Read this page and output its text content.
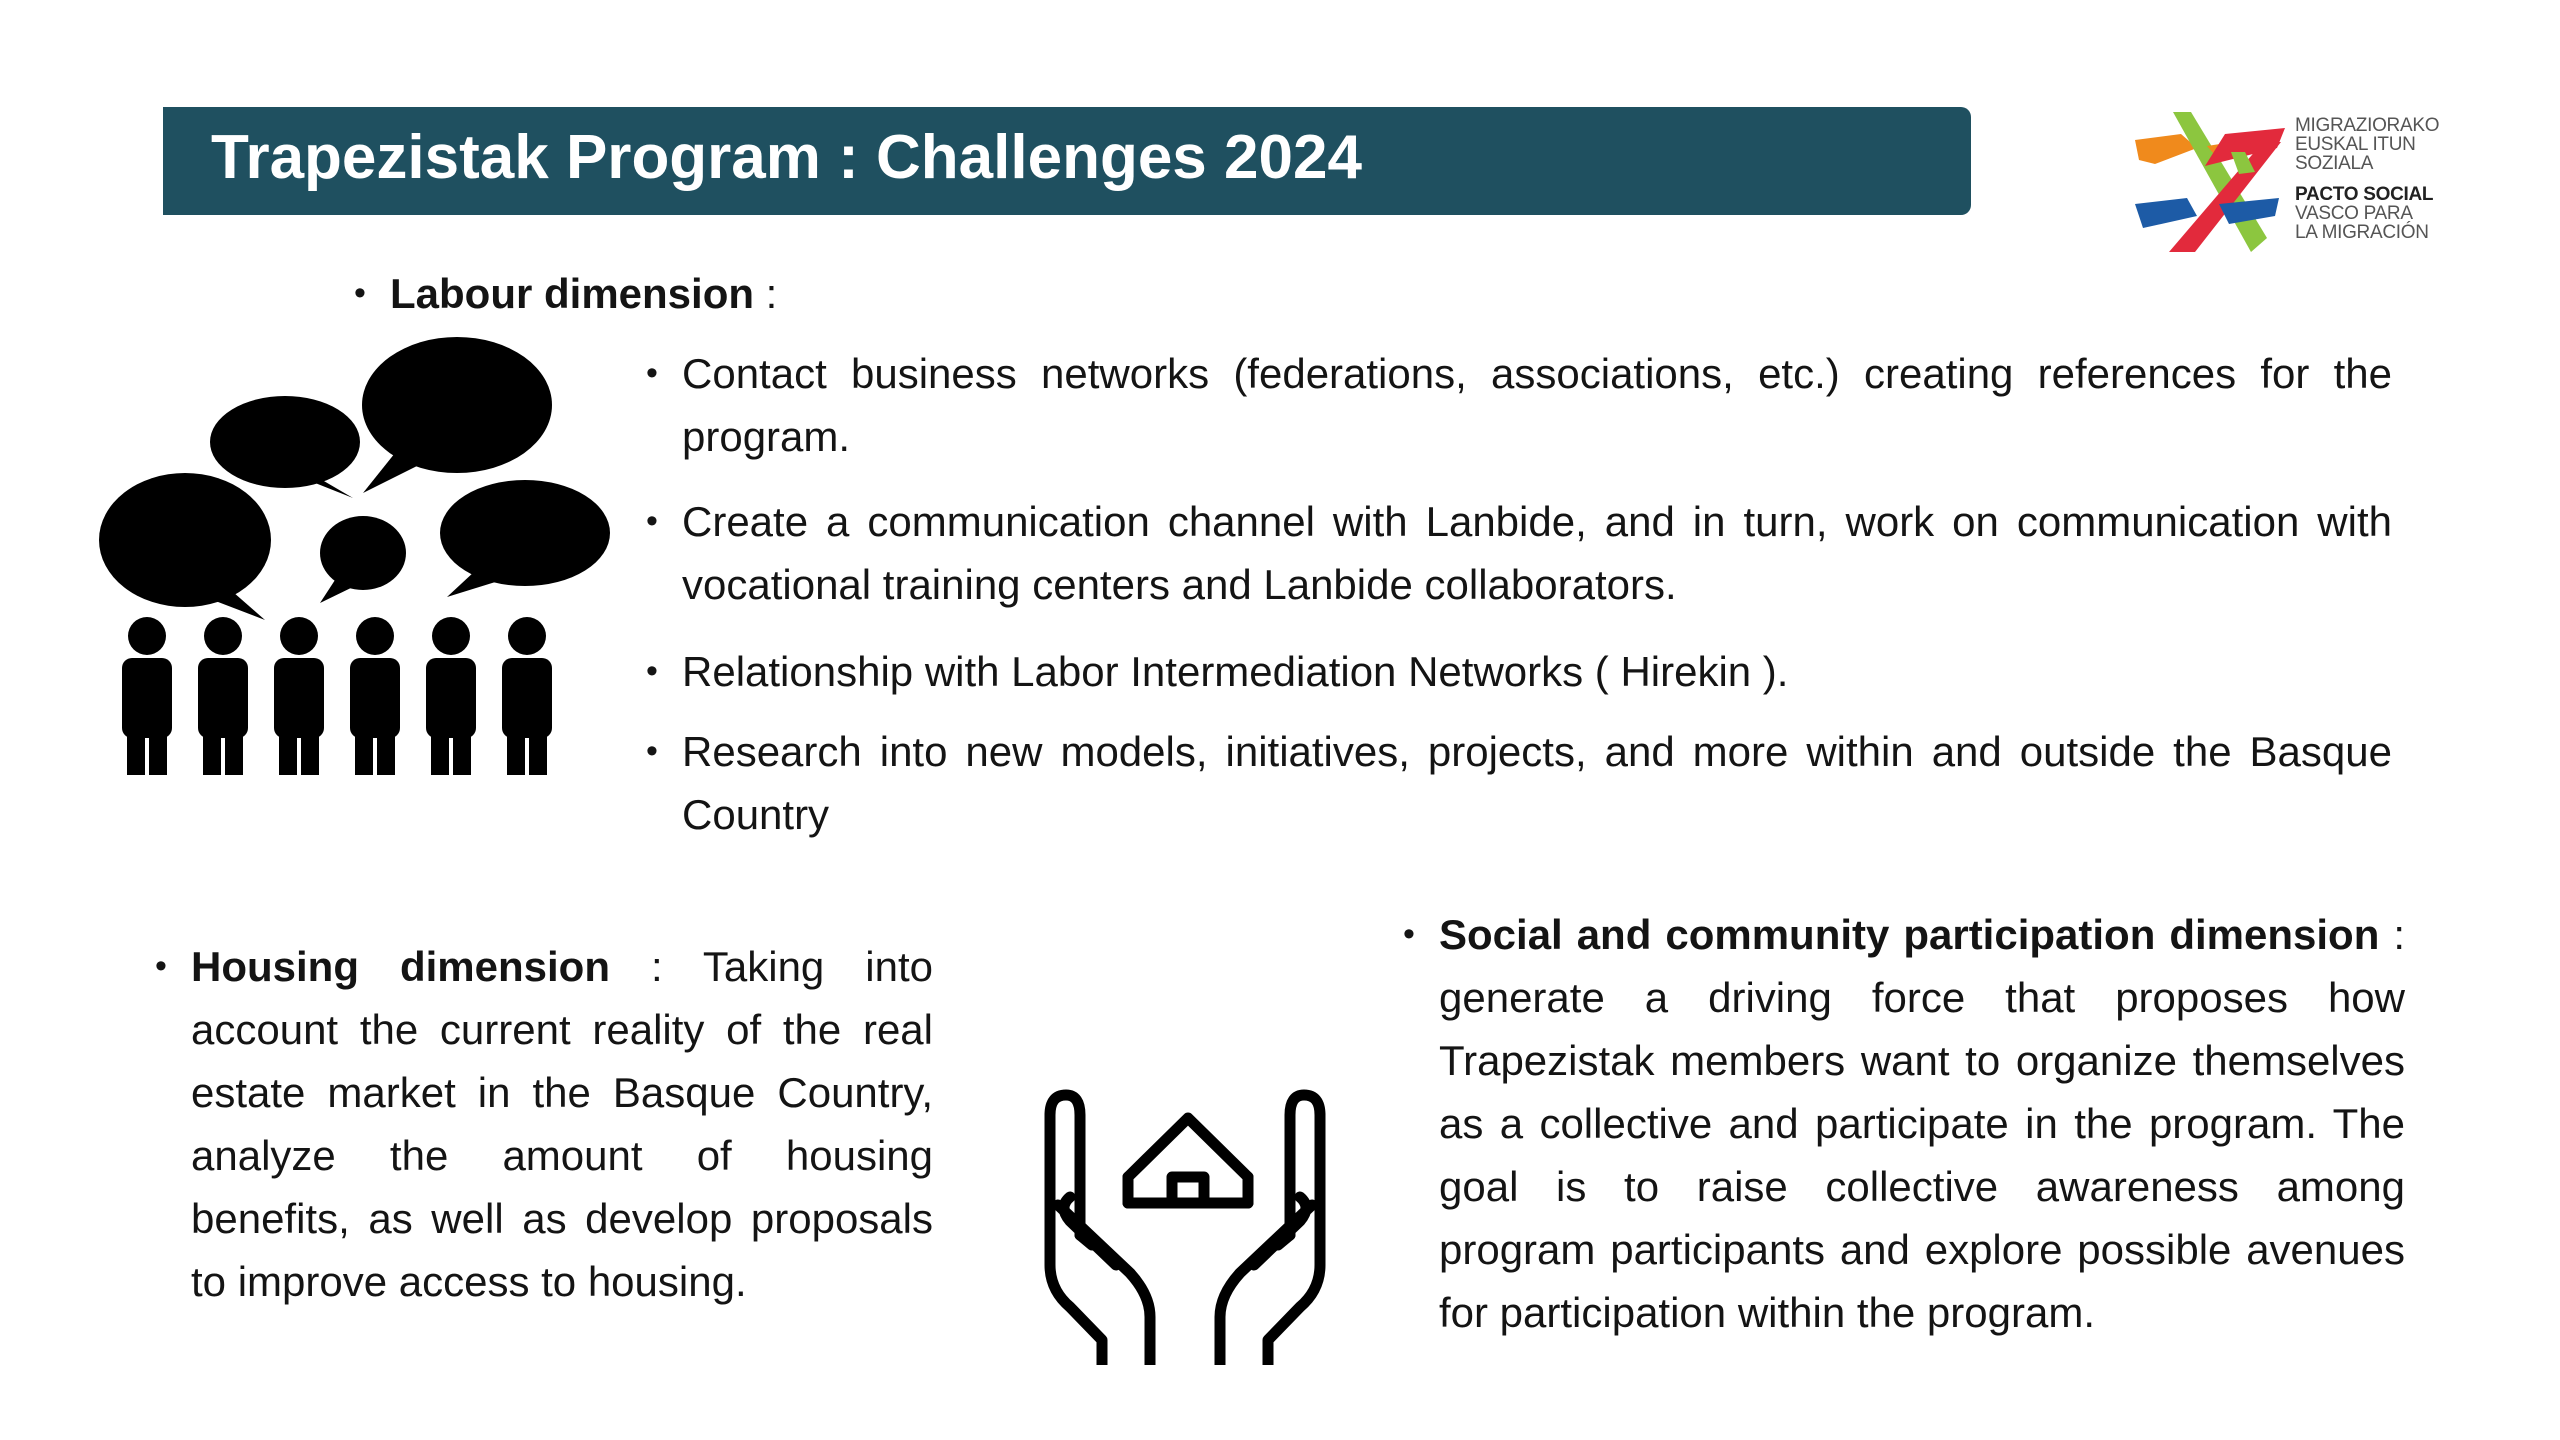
Trapezistak Program : Challenges 2024	MIGRAZIORAKO
EUSKAL ITUN
SOZIALA
PACTO SOCIAL
VASCO PARA
LA MIGRACIÓN
• Labour dimension :
• Contact business networks (federations, associations, etc.) creating references for the program.
• Create a communication channel with Lanbide, and in turn, work on communication with vocational training centers and Lanbide collaborators.
• Relationship with Labor Intermediation Networks ( Hirekin ).
• Research into new models, initiatives, projects, and more within and outside the Basque Country
• Housing dimension : Taking into account the current reality of the real estate market in the Basque Country, analyze the amount of housing benefits, as well as develop proposals to improve access to housing.
• Social and community participation dimension : generate a driving force that proposes how Trapezistak members want to organize themselves as a collective and participate in the program. The goal is to raise collective awareness among program participants and explore possible avenues for participation within the program.
